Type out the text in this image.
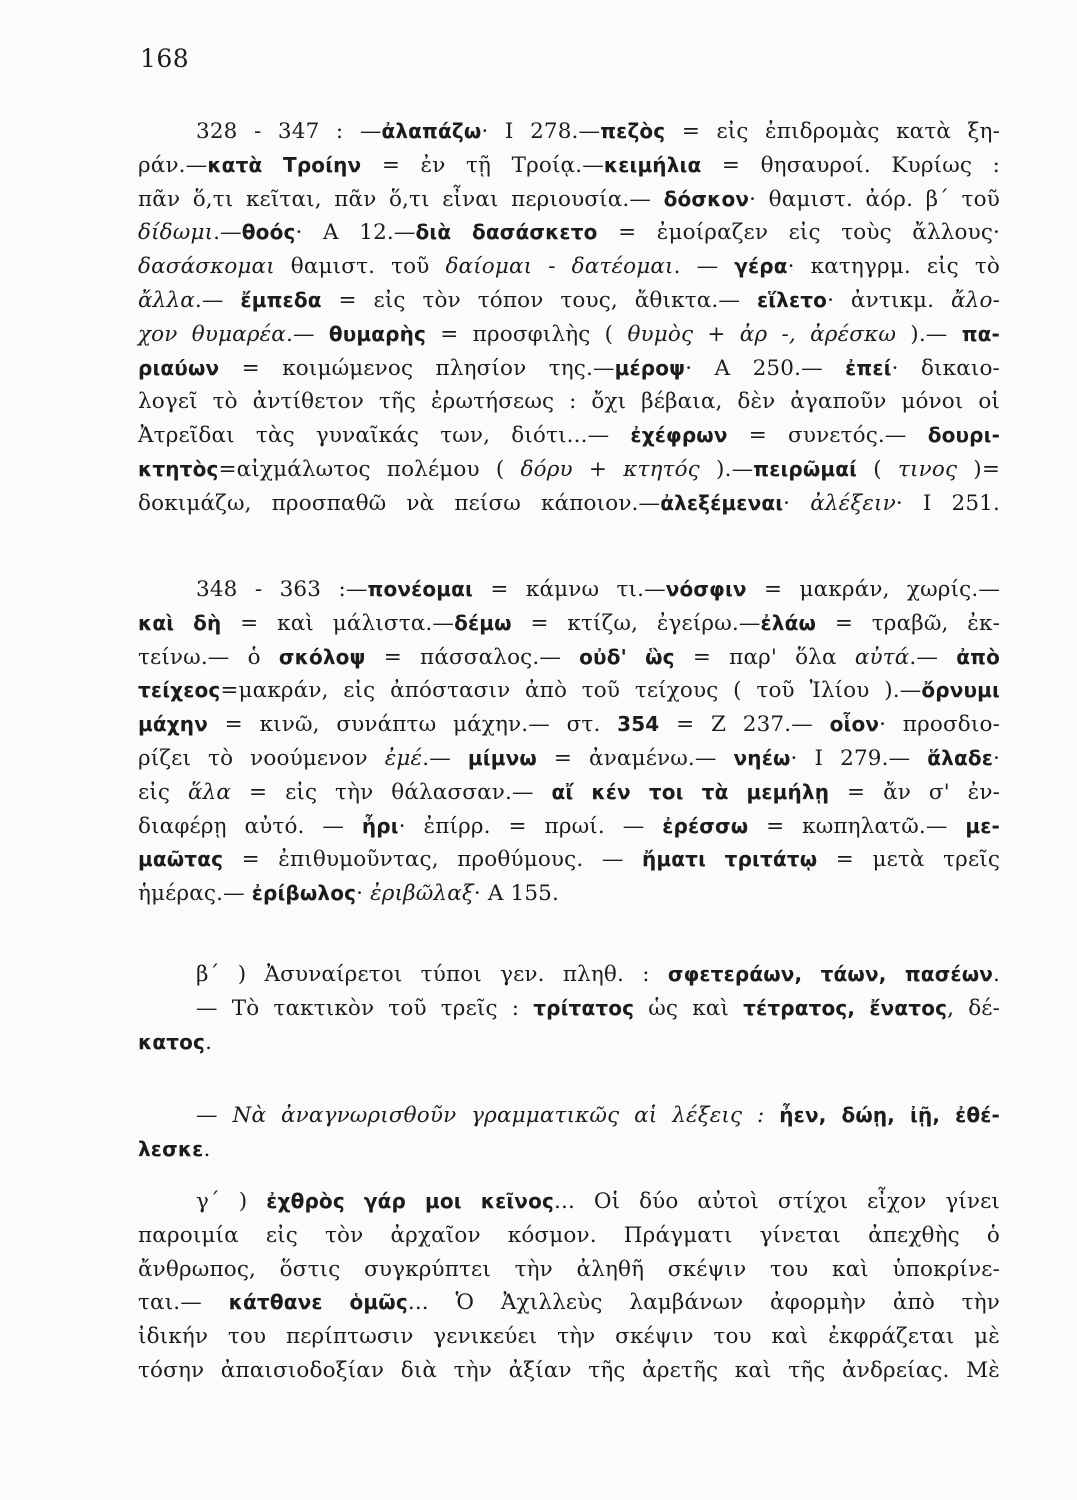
168
328 - 347 : —ἀλαπάζω· Ι 278.—πεζὸς = εἰς ἐπιδρομὰς κατὰ ξη-
ράν.—κατὰ Τροίην = ἐν τῇ Τροίᾳ.—κειμήλια = θησαυροί. Κυρίως :
πᾶν ὅ,τι κεῖται, πᾶν ὅ,τι εἶναι περιουσία.— δόσκον· θαμιστ. ἀόρ. β΄ τοῦ
δίδωμι.—θοός· Α 12.—διὰ δασάσκετο = ἐμοίραζεν εἰς τοὺς ἄλλους·
δασάσκομαι θαμιστ. τοῦ δαίομαι - δατέομαι. — γέρα· κατηγρμ. εἰς τὸ
ἄλλα.— ἔμπεδα = εἰς τὸν τόπον τους, ἄθικτα.— εἵλετο· ἀντικμ. ἄλο-
χον θυμαρέα.— θυμαρὴς = προσφιλὴς ( θυμὸς + ἀρ -, ἀρέσκω ).— πα-
ριαύων = κοιμώμενος πλησίον της.—μέροψ· Α 250.— ἐπεί· δικαιο-
λογεῖ τὸ ἀντίθετον τῆς ἐρωτήσεως : ὄχι βέβαια, δὲν ἀγαποῦν μόνοι οἱ
Ἀτρεῖδαι τὰς γυναῖκάς των, διότι...— ἐχέφρων = συνετός.— δουρι-
κτητὸς=αἰχμάλωτος πολέμου ( δόρυ + κτητός ).—πειρῶμαί ( τινος )=
δοκιμάζω, προσπαθῶ νὰ πείσω κάποιον.—ἀλεξέμεναι· ἀλέξειν· Ι 251.
348 - 363 :—πονέομαι = κάμνω τι.—νόσφιν = μακράν, χωρίς.—
καὶ δὴ = καὶ μάλιστα.—δέμω = κτίζω, ἐγείρω.—ἐλάω = τραβῶ, ἐκ-
τείνω.— ὁ σκόλοψ = πάσσαλος.— οὐδ' ὣς = παρ' ὅλα αὐτά.— ἀπὸ
τείχεος=μακράν, εἰς ἀπόστασιν ἀπὸ τοῦ τείχους ( τοῦ Ἰλίου ).—ὄρνυμι
μάχην = κινῶ, συνάπτω μάχην.— στ. 354 = Ζ 237.— οἷον· προσδιο-
ρίζει τὸ νοούμενον ἐμέ.— μίμνω = ἀναμένω.— νηέω· Ι 279.— ἅλαδε·
εἰς ἅλα = εἰς τὴν θάλασσαν.— αἴ κέν τοι τὰ μεμήλῃ = ἄν σ' ἐν-
διαφέρῃ αὐτό. — ἦρι· ἐπίρρ. = πρωί. — ἐρέσσω = κωπηλατῶ.— με-
μαῶτας = ἐπιθυμοῦντας, προθύμους. — ἤματι τριτάτῳ = μετὰ τρεῖς
ἡμέρας.— ἐρίβωλος· ἐριβῶλαξ· Α 155.
β΄ ) Ἀσυναίρετοι τύποι γεν. πληθ. : σφετεράων, τάων, πασέων.
— Τὸ τακτικὸν τοῦ τρεῖς : τρίτατος ὡς καὶ τέτρατος, ἔνατος, δέ-
κατος.
— Νὰ ἀναγνωρισθοῦν γραμματικῶς αἱ λέξεις : ἦεν, δώῃ, ἰῇ, ἐθέ-
λεσκε.
γ΄ ) ἐχθρὸς γάρ μοι κεῖνος... Οἱ δύο αὐτοὶ στίχοι εἶχον γίνει
παροιμία εἰς τὸν ἀρχαῖον κόσμον. Πράγματι γίνεται ἀπεχθὴς ὁ
ἄνθρωπος, ὅστις συγκρύπτει τὴν ἀληθῆ σκέψιν του καὶ ὑποκρίνε-
ται.— κάτθανε ὁμῶς... Ὁ Ἀχιλλεὺς λαμβάνων ἀφορμὴν ἀπὸ τὴν
ἰδικήν του περίπτωσιν γενικεύει τὴν σκέψιν του καὶ ἐκφράζεται μὲ
τόσην ἀπαισιοδοξίαν διὰ τὴν ἀξίαν τῆς ἀρετῆς καὶ τῆς ἀνδρείας. Μὲ
